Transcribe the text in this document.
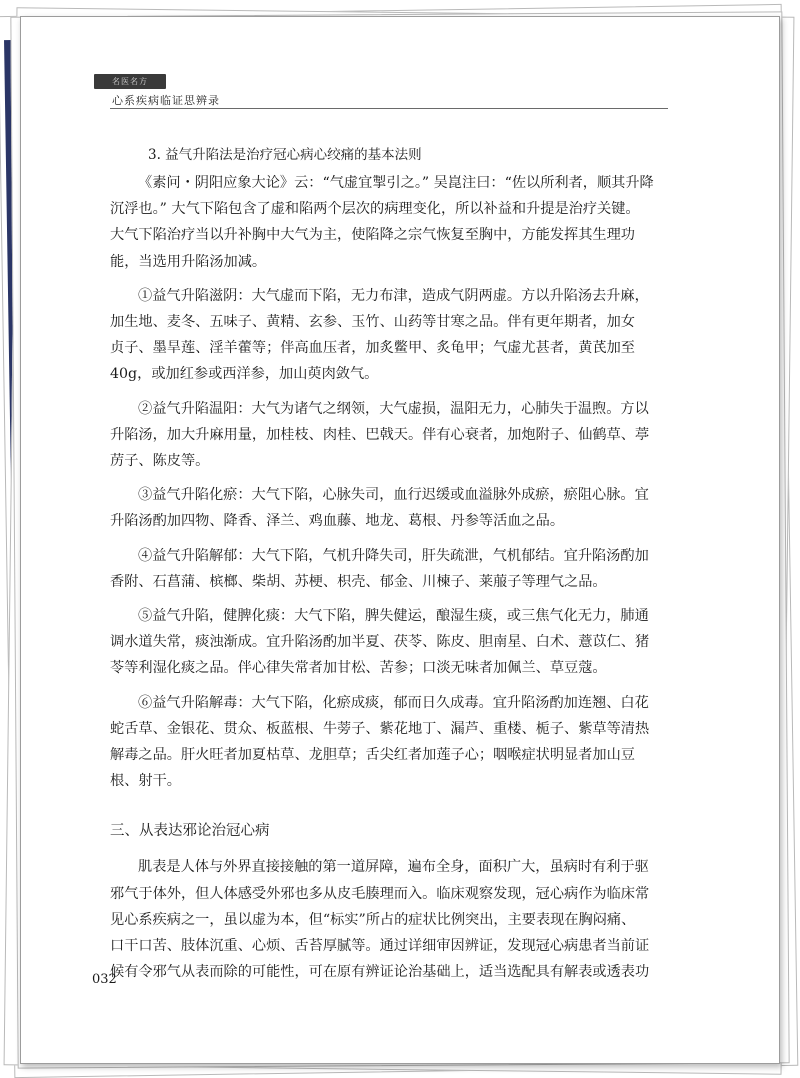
名医名方
心系疾病临证思辨录
3. 益气升陷法是治疗冠心病心绞痛的基本法则
《素问・阴阳应象大论》云：“气虚宜掣引之。” 吴崑注曰：“佐以所利者，顺其升降
沉浮也。” 大气下陷包含了虚和陷两个层次的病理变化，所以补益和升提是治疗关键。
大气下陷治疗当以升补胸中大气为主，使陷降之宗气恢复至胸中，方能发挥其生理功
能，当选用升陷汤加减。
①益气升陷滋阴：大气虚而下陷，无力布津，造成气阴两虚。方以升陷汤去升麻，
加生地、麦冬、五味子、黄精、玄参、玉竹、山药等甘寒之品。伴有更年期者，加女
贞子、墨旱莲、淫羊藿等；伴高血压者，加炙鳖甲、炙龟甲；气虚尤甚者，黄芪加至
40g，或加红参或西洋参，加山萸肉敛气。
②益气升陷温阳：大气为诸气之纲领，大气虚损，温阳无力，心肺失于温煦。方以
升陷汤，加大升麻用量，加桂枝、肉桂、巴戟天。伴有心衰者，加炮附子、仙鹤草、葶
苈子、陈皮等。
③益气升陷化瘀：大气下陷，心脉失司，血行迟缓或血溢脉外成瘀，瘀阻心脉。宜
升陷汤酌加四物、降香、泽兰、鸡血藤、地龙、葛根、丹参等活血之品。
④益气升陷解郁：大气下陷，气机升降失司，肝失疏泄，气机郁结。宜升陷汤酌加
香附、石菖蒲、槟榔、柴胡、苏梗、枳壳、郁金、川楝子、莱菔子等理气之品。
⑤益气升陷，健脾化痰：大气下陷，脾失健运，酿湿生痰，或三焦气化无力，肺通
调水道失常，痰浊渐成。宜升陷汤酌加半夏、茯苓、陈皮、胆南星、白术、薏苡仁、猪
苓等利湿化痰之品。伴心律失常者加甘松、苦参；口淡无味者加佩兰、草豆蔻。
⑥益气升陷解毒：大气下陷，化瘀成痰，郁而日久成毒。宜升陷汤酌加连翘、白花
蛇舌草、金银花、贯众、板蓝根、牛蒡子、紫花地丁、漏芦、重楼、栀子、紫草等清热
解毒之品。肝火旺者加夏枯草、龙胆草；舌尖红者加莲子心；咽喉症状明显者加山豆
根、射干。
三、从表达邪论治冠心病
肌表是人体与外界直接接触的第一道屏障，遍布全身，面积广大，虽病时有利于驱
邪气于体外，但人体感受外邪也多从皮毛腠理而入。临床观察发现，冠心病作为临床常
见心系疾病之一，虽以虚为本，但“标实”所占的症状比例突出，主要表现在胸闷痛、
口干口苦、肢体沉重、心烦、舌苔厚腻等。通过详细审因辨证，发现冠心病患者当前证
候有令邪气从表而除的可能性，可在原有辨证论治基础上，适当选配具有解表或透表功
032
